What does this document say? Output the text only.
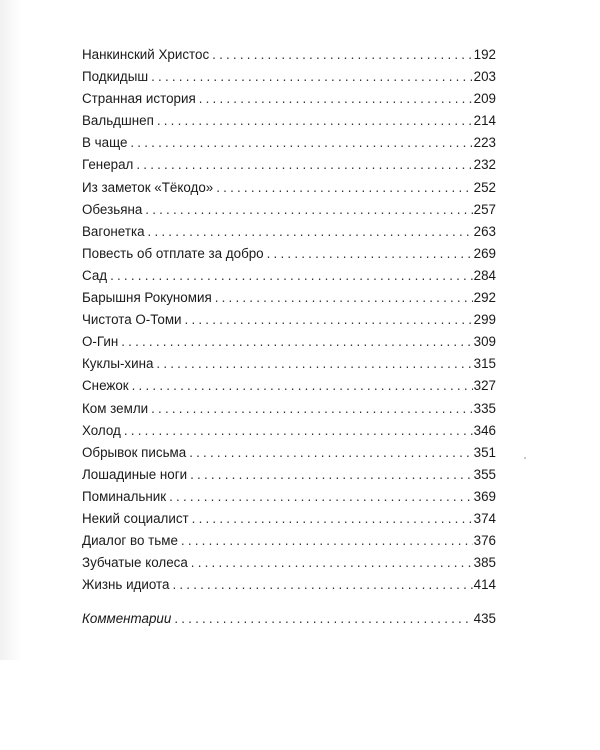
Нанкинский Христос .....	192
Подкидыш .....	203
Странная история .....	209
Вальдшнеп .....	214
В чаще .....	223
Генерал .....	232
Из заметок «Тёкодо» .....	252
Обезьяна .....	257
Вагонетка .....	263
Повесть об отплате за добро .....	269
Сад .....	284
Барышня Рокуномия .....	292
Чистота О-Томи .....	299
О-Гин .....	309
Куклы-хина .....	315
Снежок .....	327
Ком земли .....	335
Холод .....	346
Обрывок письма .....	351
Лошадиные ноги .....	355
Поминальник .....	369
Некий социалист .....	374
Диалог во тьме .....	376
Зубчатые колеса .....	385
Жизнь идиота .....	414
Комментарии .....	435
